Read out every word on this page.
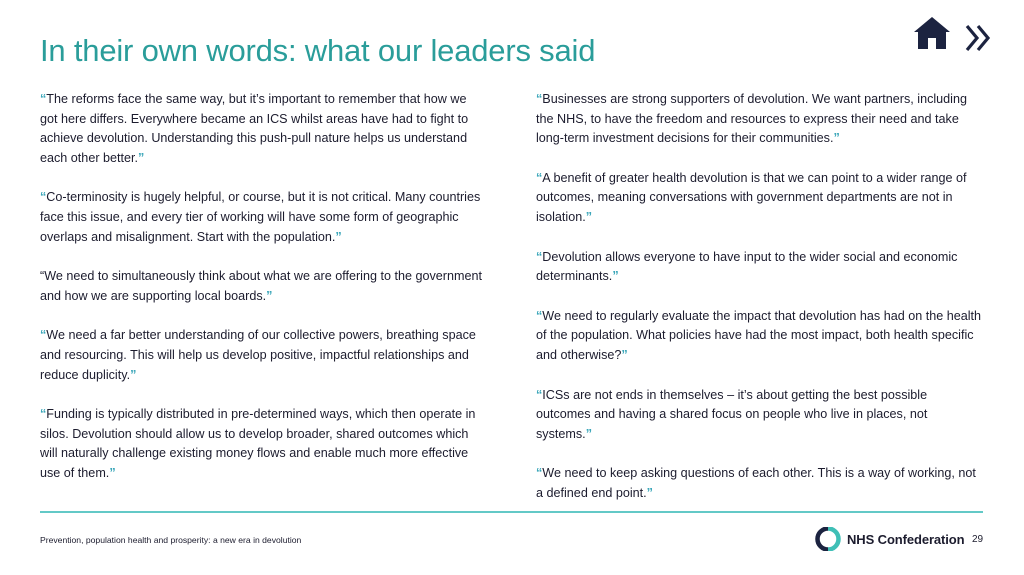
In their own words: what our leaders said

“The reforms face the same way, but it’s important to remember that how we got here differs. Everywhere became an ICS whilst areas have had to fight to achieve devolution. Understanding this push-pull nature helps us understand each other better.”

“Co-terminosity is hugely helpful, or course, but it is not critical. Many countries face this issue, and every tier of working will have some form of geographic overlaps and misalignment. Start with the population.”

“We need to simultaneously think about what we are offering to the government and how we are supporting local boards.”

“We need a far better understanding of our collective powers, breathing space and resourcing. This will help us develop positive, impactful relationships and reduce duplicity.”

“Funding is typically distributed in pre-determined ways, which then operate in silos. Devolution should allow us to develop broader, shared outcomes which will naturally challenge existing money flows and enable much more effective use of them.”

“Businesses are strong supporters of devolution. We want partners, including the NHS, to have the freedom and resources to express their need and take long-term investment decisions for their communities.”

“A benefit of greater health devolution is that we can point to a wider range of outcomes, meaning conversations with government departments are not in isolation.”

“Devolution allows everyone to have input to the wider social and economic determinants.”

“We need to regularly evaluate the impact that devolution has had on the health of the population. What policies have had the most impact, both health specific and otherwise?”

“ICSs are not ends in themselves – it’s about getting the best possible outcomes and having a shared focus on people who live in places, not systems.”

“We need to keep asking questions of each other. This is a way of working, not a defined end point.”

Prevention, population health and prosperity: a new era in devolution	NHS Confederation 29
